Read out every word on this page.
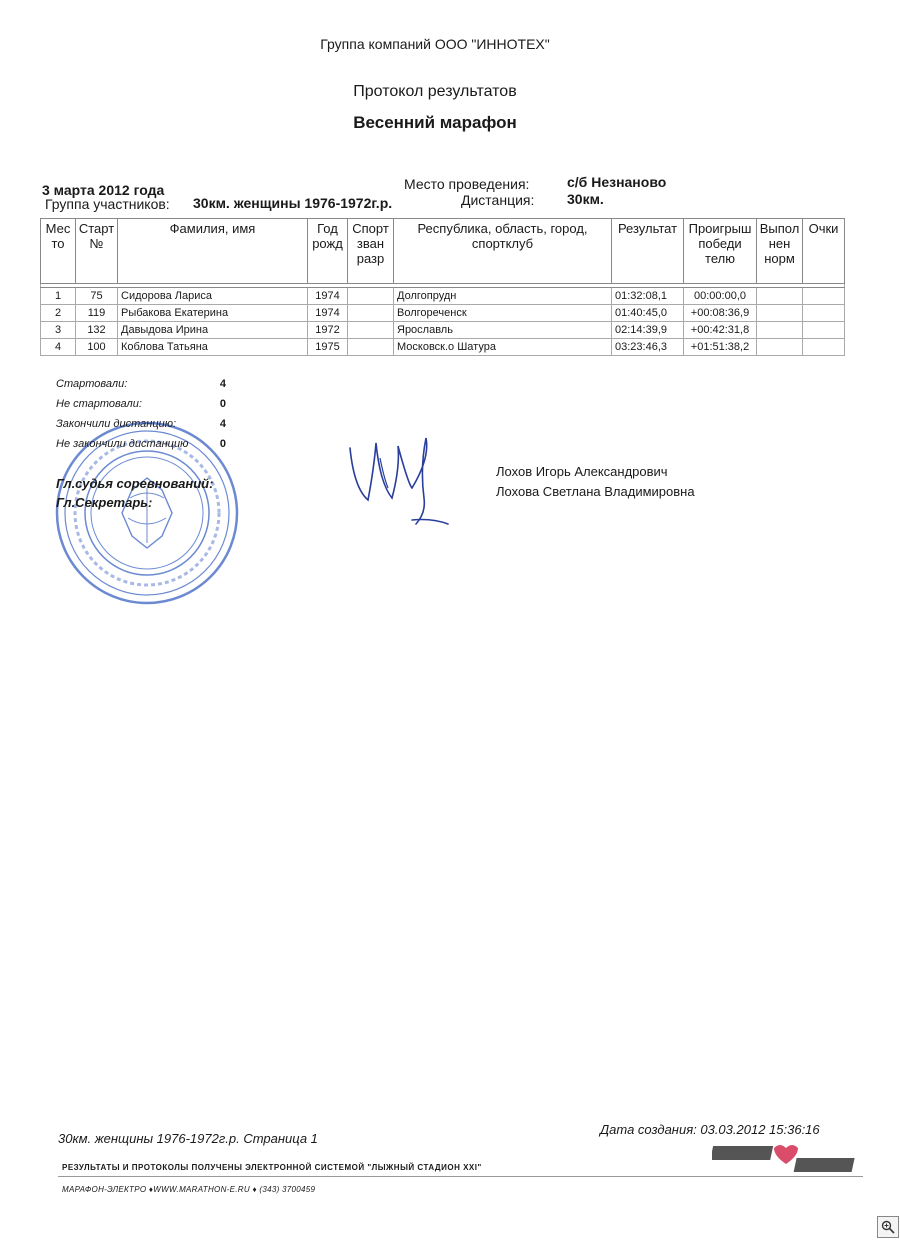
Группа компаний ООО "ИННОТЕХ"
Протокол результатов
Весенний марафон
3 марта 2012 года
Группа участников: 30км. женщины 1976-1972г.р.
Место проведения:	с/б Незнаново
Дистанция: 30км.
Мес то	Старт №	Фамилия, имя	Год рожд	Спорт зван разр	Республика, область, город, спортклуб	Результат	Проигрыш победи телю	Выпол нен норм	Очки

1	75	Сидорова Лариса	1974		Долгопрудн	01:32:08,1	00:00:00,0		
2	119	Рыбакова Екатерина	1974		Волгореченск	01:40:45,0	+00:08:36,9		
3	132	Давыдова Ирина	1972		Ярославль	02:14:39,9	+00:42:31,8		
4	100	Коблова Татьяна	1975		Московск.о Шатура	03:23:46,3	+01:51:38,2		
Стартовали:	4
Не стартовали:	0
Закончили дистанцию:	4
Не закончили дистанцию	0
Гл.судья соревнований:
Гл.Секретарь:
Лохов Игорь Александрович
Лохова Светлана Владимировна
30км. женщины 1976-1972г.р. Страница 1
Дата создания: 03.03.2012 15:36:16
РЕЗУЛЬТАТЫ И ПРОТОКОЛЫ ПОЛУЧЕНЫ ЭЛЕКТРОННОЙ СИСТЕМОЙ "ЛЫЖНЫЙ СТАДИОН XXI"
МАРАФОН-ЭЛЕКТРО ♦WWW.MARATHON-E.RU ♦ (343) 3700459
